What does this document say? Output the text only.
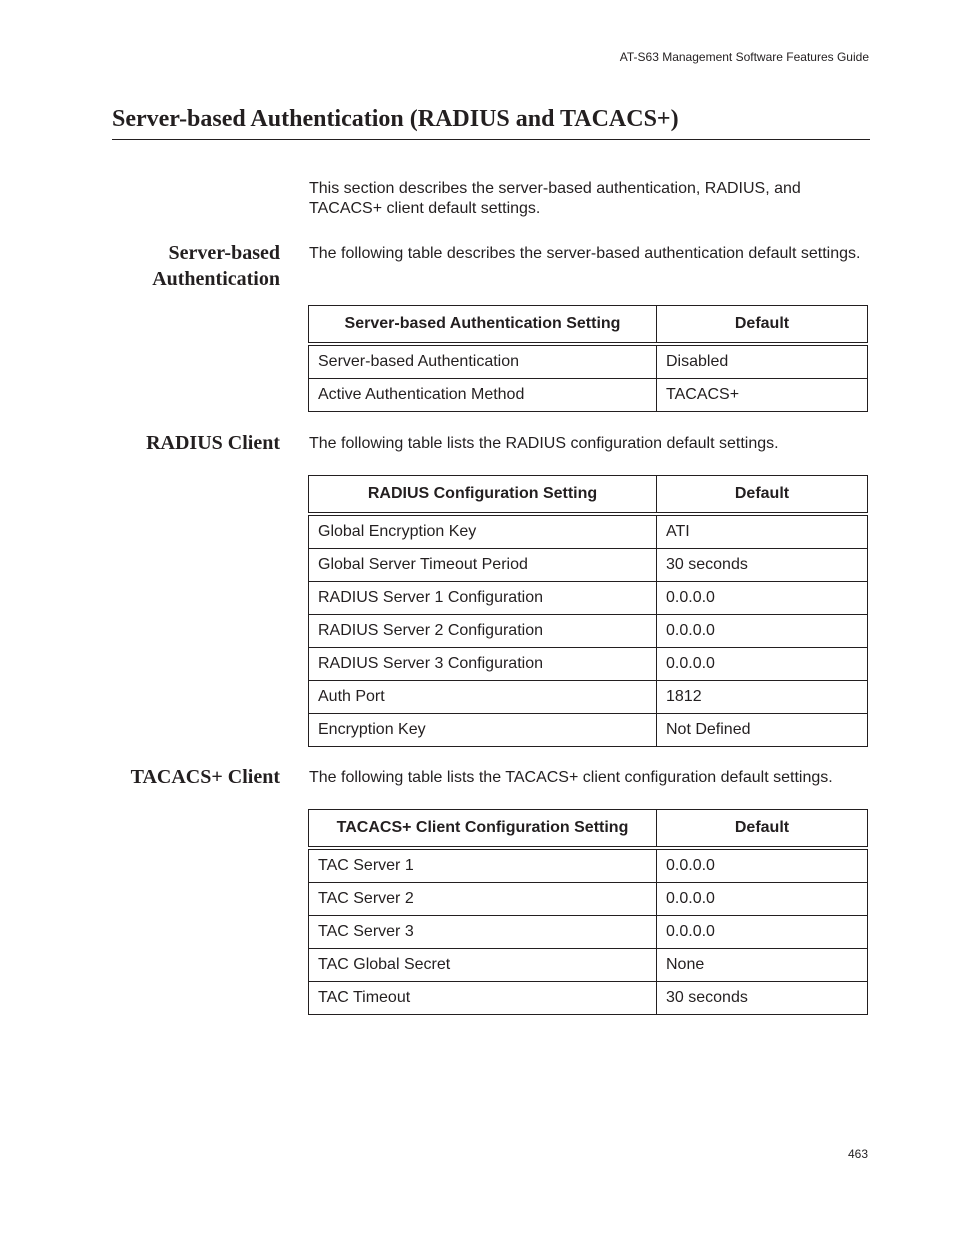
AT-S63 Management Software Features Guide
Server-based Authentication (RADIUS and TACACS+)

This section describes the server-based authentication, RADIUS, and TACACS+ client default settings.

Server-based Authentication

The following table describes the server-based authentication default settings.

Server-based Authentication Setting	Default
Server-based Authentication	Disabled
Active Authentication Method	TACACS+
RADIUS Client The following table lists the RADIUS configuration default settings.

RADIUS Configuration Setting	Default
Global Encryption Key	ATI
Global Server Timeout Period	30 seconds
RADIUS Server 1 Configuration	0.0.0.0
RADIUS Server 2 Configuration	0.0.0.0
RADIUS Server 3 Configuration	0.0.0.0
Auth Port	1812
Encryption Key	Not Defined
TACACS+ Client The following table lists the TACACS+ client configuration default settings.

TACACS+ Client Configuration Setting	Default
TAC Server 1	0.0.0.0
TAC Server 2	0.0.0.0
TAC Server 3	0.0.0.0
TAC Global Secret	None
TAC Timeout	30 seconds
463
